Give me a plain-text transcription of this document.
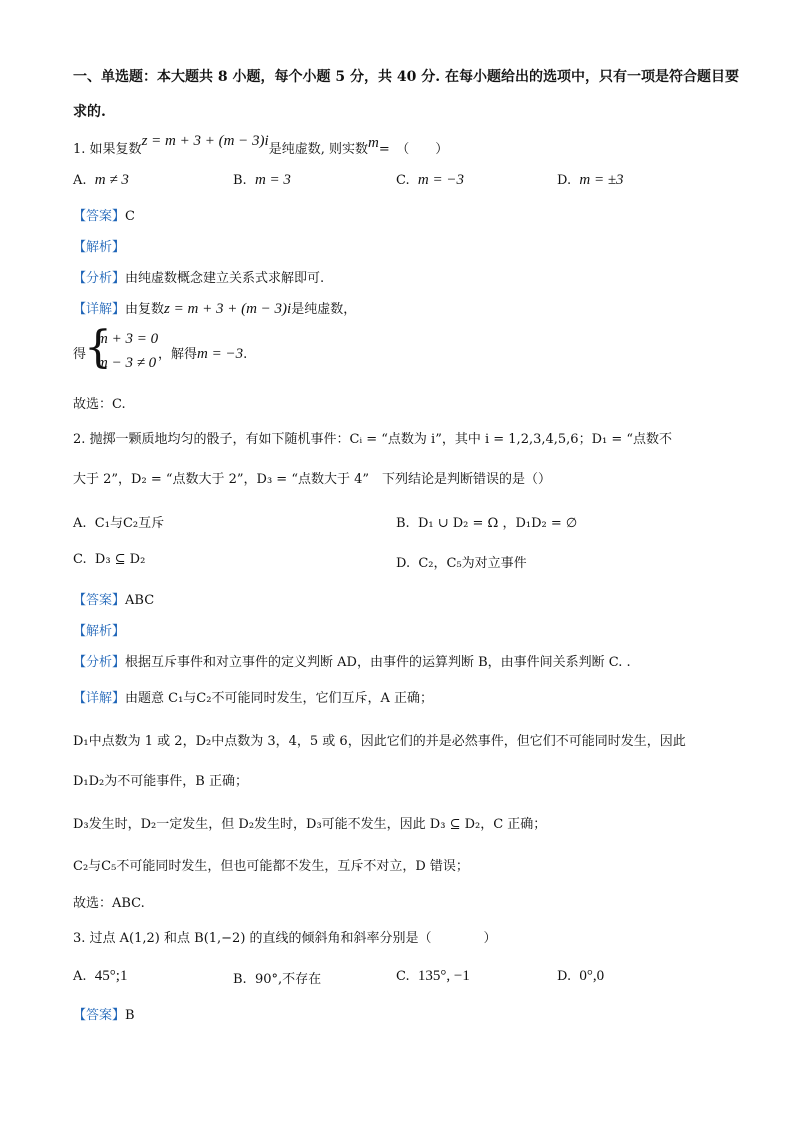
一、单选题：本大题共 8 小题，每个小题 5 分，共 40 分. 在每小题给出的选项中，只有一项是符合题目要
求的.
1. 如果复数z = m + 3 + (m − 3)i是纯虚数, 则实数m=　（　　）
A. m ≠ 3	B. m = 3	C. m = −3	D. m = ±3
【答案】C
【解析】
【分析】由纯虚数概念建立关系式求解即可.
【详解】由复数z = m + 3 + (m − 3)i是纯虚数，
得
{
m + 3 = 0
m − 3 ≠ 0
，解得m = −3.
故选：C.
2. 抛掷一颗质地均匀的骰子，有如下随机事件：Cᵢ = “点数为 i”，其中 i = 1,2,3,4,5,6；D₁ = “点数不
大于 2”，D₂ = “点数大于 2”，D₃ = “点数大于 4”　下列结论是判断错误的是（）
A. C₁与C₂互斥	B. D₁ ∪ D₂ = Ω ，D₁D₂ = ∅
C. D₃ ⊆ D₂	D. C₂，C₅为对立事件
【答案】ABC
【解析】
【分析】根据互斥事件和对立事件的定义判断 AD，由事件的运算判断 B，由事件间关系判断 C. .
【详解】由题意 C₁与C₂不可能同时发生，它们互斥，A 正确；
D₁中点数为 1 或 2，D₂中点数为 3，4，5 或 6，因此它们的并是必然事件，但它们不可能同时发生，因此
D₁D₂为不可能事件，B 正确；
D₃发生时，D₂一定发生，但 D₂发生时，D₃可能不发生，因此 D₃ ⊆ D₂，C 正确；
C₂与C₅不可能同时发生，但也可能都不发生，互斥不对立，D 错误；
故选：ABC.
3. 过点 A(1,2) 和点 B(1,−2) 的直线的倾斜角和斜率分别是（　　　　）
A. 45°;1	B. 90°,不存在	C. 135°, −1	D. 0°,0
【答案】B
